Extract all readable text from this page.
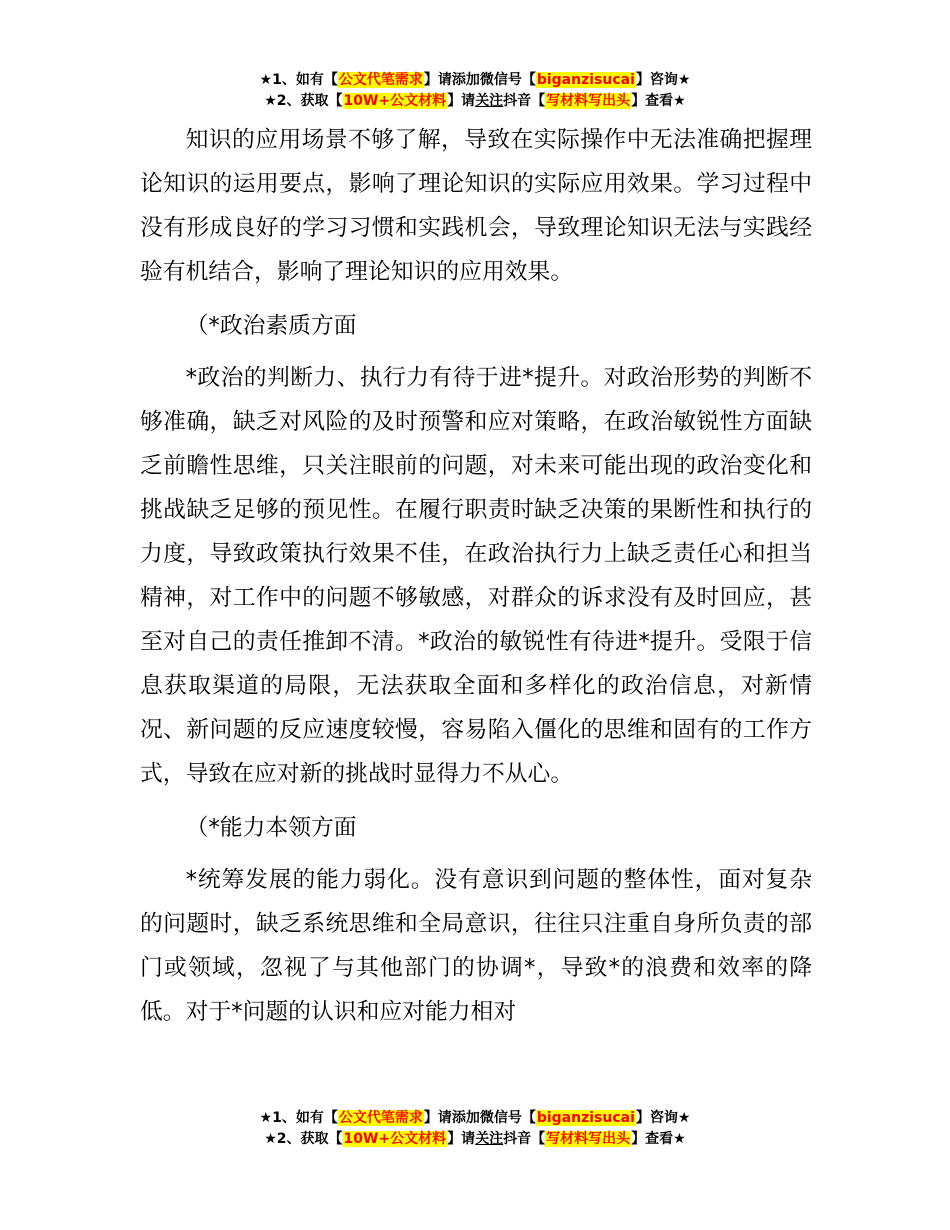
★1、如有【公文代笔需求】请添加微信号【biganzisucai】咨询★
★2、获取【10W+公文材料】请关注抖音【写材料写出头】查看★

知识的应用场景不够了解，导致在实际操作中无法准确把握理论知识的运用要点，影响了理论知识的实际应用效果。学习过程中没有形成良好的学习习惯和实践机会，导致理论知识无法与实践经验有机结合，影响了理论知识的应用效果。

（*政治素质方面

*政治的判断力、执行力有待于进*提升。对政治形势的判断不够准确，缺乏对风险的及时预警和应对策略，在政治敏锐性方面缺乏前瞻性思维，只关注眼前的问题，对未来可能出现的政治变化和挑战缺乏足够的预见性。在履行职责时缺乏决策的果断性和执行的力度，导致政策执行效果不佳，在政治执行力上缺乏责任心和担当精神，对工作中的问题不够敏感，对群众的诉求没有及时回应，甚至对自己的责任推卸不清。*政治的敏锐性有待进*提升。受限于信息获取渠道的局限，无法获取全面和多样化的政治信息，对新情况、新问题的反应速度较慢，容易陷入僵化的思维和固有的工作方式，导致在应对新的挑战时显得力不从心。

（*能力本领方面

*统筹发展的能力弱化。没有意识到问题的整体性，面对复杂的问题时，缺乏系统思维和全局意识，往往只注重自身所负责的部门或领域，忽视了与其他部门的协调*，导致*的浪费和效率的降低。对于*问题的认识和应对能力相对

★1、如有【公文代笔需求】请添加微信号【biganzisucai】咨询★
★2、获取【10W+公文材料】请关注抖音【写材料写出头】查看★
